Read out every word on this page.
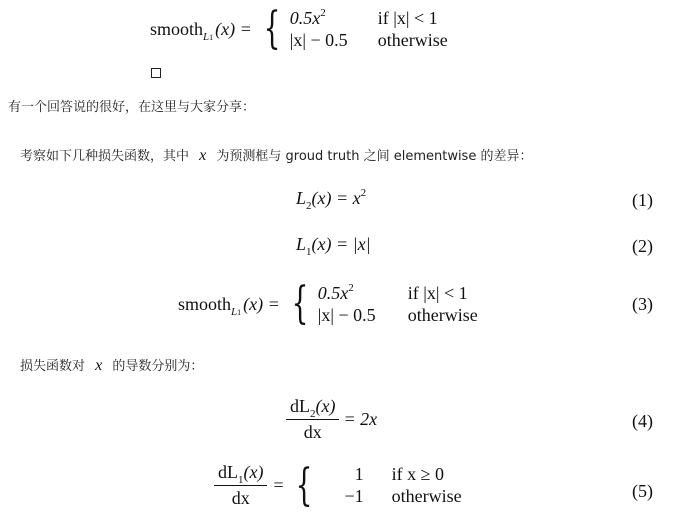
smooth$_{L1}$ (x) = { $0.5x^2$	if |x| < 1
|x| − 0.5	otherwise
有一个回答说的很好，在这里与大家分享：
考察如下几种损失函数，其中 x 为预测框与 groud truth 之间 elementwise 的差异：
$L_2(x) = x^2$	(1)
$L_1(x) = |x|$	(2)
smooth$_{L1}$ (x) = { $0.5x^2$	if |x| < 1
|x| − 0.5	otherwise
(3)
损失函数对 x 的导数分别为：
$\frac{dL_2(x)}{dx} = 2x$	(4)
$\frac{dL_1(x)}{dx}$ = {	1	if x ≥ 0
−1	otherwise	(5)
